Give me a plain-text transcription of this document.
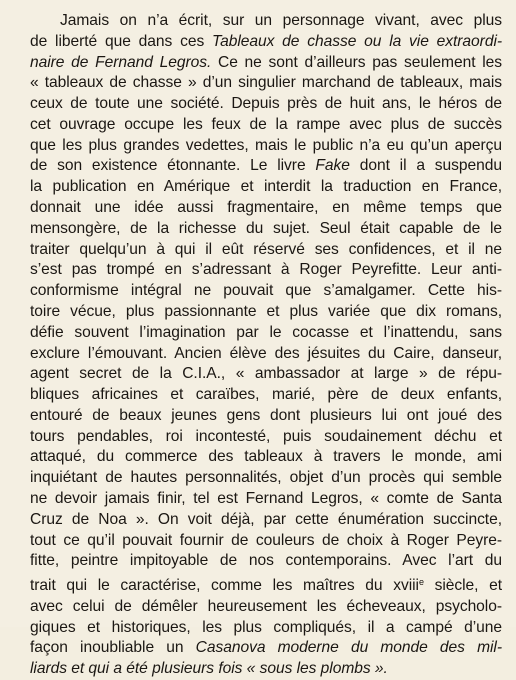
Jamais on n’a écrit, sur un personnage vivant, avec plus
de liberté que dans ces Tableaux de chasse ou la vie extraordi-
naire de Fernand Legros. Ce ne sont d’ailleurs pas seulement les
« tableaux de chasse » d’un singulier marchand de tableaux, mais
ceux de toute une société. Depuis près de huit ans, le héros de
cet ouvrage occupe les feux de la rampe avec plus de succès
que les plus grandes vedettes, mais le public n’a eu qu’un aperçu
de son existence étonnante. Le livre Fake dont il a suspendu
la publication en Amérique et interdit la traduction en France,
donnait une idée aussi fragmentaire, en même temps que
mensongère, de la richesse du sujet. Seul était capable de le
traiter quelqu’un à qui il eût réservé ses confidences, et il ne
s’est pas trompé en s’adressant à Roger Peyrefitte. Leur anti-
conformisme intégral ne pouvait que s’amalgamer. Cette his-
toire vécue, plus passionnante et plus variée que dix romans,
défie souvent l’imagination par le cocasse et l’inattendu, sans
exclure l’émouvant. Ancien élève des jésuites du Caire, danseur,
agent secret de la C.I.A., « ambassador at large » de répu-
bliques africaines et caraïbes, marié, père de deux enfants,
entouré de beaux jeunes gens dont plusieurs lui ont joué des
tours pendables, roi incontesté, puis soudainement déchu et
attaqué, du commerce des tableaux à travers le monde, ami
inquiétant de hautes personnalités, objet d’un procès qui semble
ne devoir jamais finir, tel est Fernand Legros, « comte de Santa
Cruz de Noa ». On voit déjà, par cette énumération succincte,
tout ce qu’il pouvait fournir de couleurs de choix à Roger Peyre-
fitte, peintre impitoyable de nos contemporains. Avec l’art du
trait qui le caractérise, comme les maîtres du xviii$^e$ siècle, et
avec celui de démêler heureusement les écheveaux, psycholo-
giques et historiques, les plus compliqués, il a campé d’une
façon inoubliable un Casanova moderne du monde des mil-
liards et qui a été plusieurs fois « sous les plombs ».
